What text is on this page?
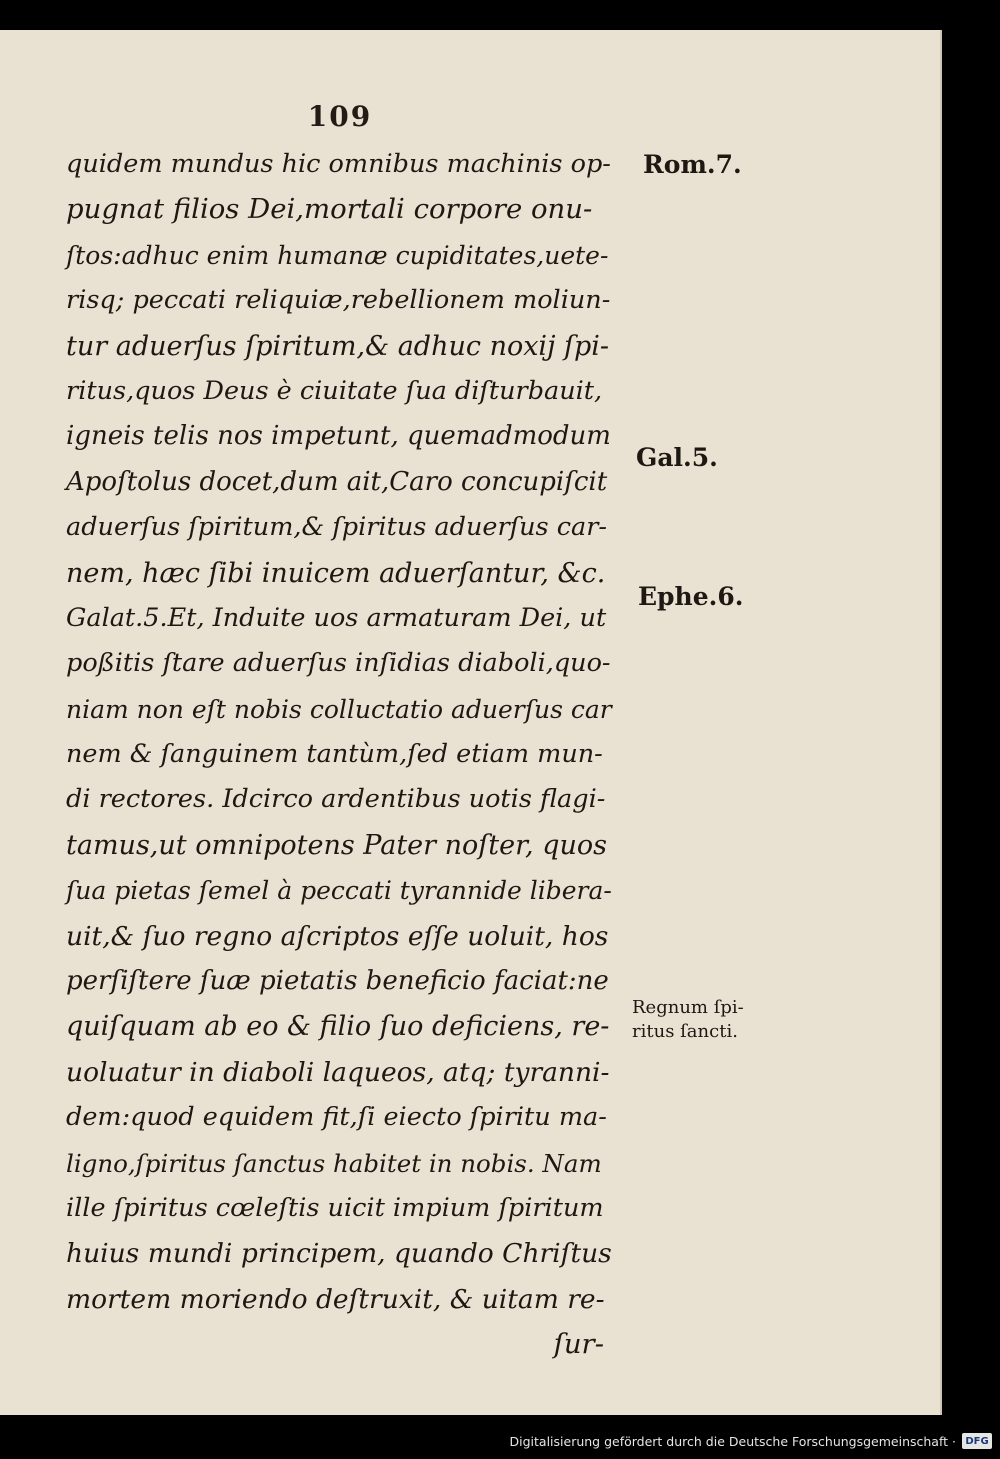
109
quidem mundus hic omnibus machinis op-
pugnat filios Dei,mortali corpore onu-
ſtos:adhuc enim humanæ cupiditates,uete-
risq; peccati reliquiæ,rebellionem moliun-
tur aduerſus ſpiritum,& adhuc noxij ſpi-
ritus,quos Deus è ciuitate ſua diſturbauit,
igneis telis nos impetunt, quemadmodum
Apoſtolus docet,dum ait,Caro concupiſcit
aduerſus ſpiritum,& ſpiritus aduerſus car-
nem, hæc ſibi inuicem aduerſantur, &c.
Galat.5.Et, Induite uos armaturam Dei, ut
poßitis ſtare aduerſus inſidias diaboli,quo-
niam non eſt nobis colluctatio aduerſus car
nem & ſanguinem tantùm,ſed etiam mun-
di rectores. Idcirco ardentibus uotis flagi-
tamus,ut omnipotens Pater noſter, quos
ſua pietas ſemel à peccati tyrannide libera-
uit,& ſuo regno aſcriptos eſſe uoluit, hos
perſiſtere ſuæ pietatis beneficio faciat:ne
quiſquam ab eo & filio ſuo deficiens, re-
uoluatur in diaboli laqueos, atq; tyranni-
dem:quod equidem fit,ſi eiecto ſpiritu ma-
ligno,ſpiritus ſanctus habitet in nobis. Nam
ille ſpiritus cœleſtis uicit impium ſpiritum
huius mundi principem, quando Chriſtus
mortem moriendo deſtruxit, & uitam re-
ſur-
Rom.7.
Gal.5.
Ephe.6.
Regnum ſpi-
ritus ſancti.
Digitalisierung gefördert durch die Deutsche Forschungsgemeinschaft · DFG
